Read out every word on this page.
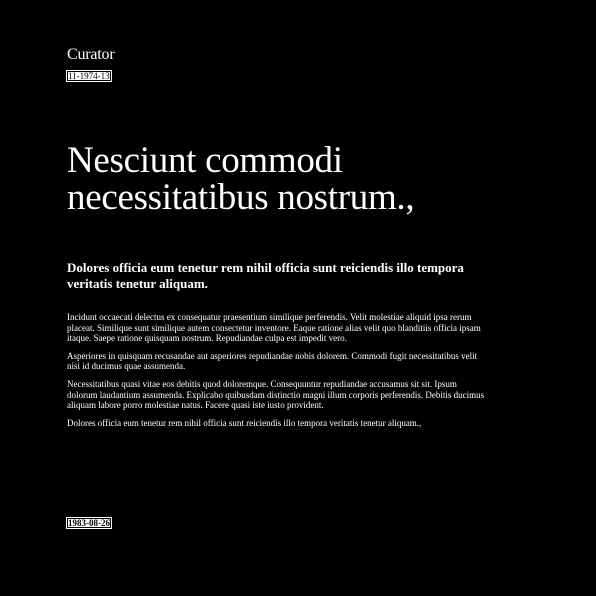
Curator
11-1974-13
Nesciunt commodi necessitatibus nostrum.,
Dolores officia eum tenetur rem nihil officia sunt reiciendis illo tempora veritatis tenetur aliquam.

Incidunt occaecati delectus ex consequatur praesentium similique perferendis. Velit molestiae aliquid ipsa rerum placeat. Similique sunt similique autem consectetur inventore. Eaque ratione alias velit quo blanditiis officia ipsam itaque. Saepe ratione quisquam nostrum. Repudiandae culpa est impedit vero.

Asperiores in quisquam recusandae aut asperiores repudiandae nobis dolorem. Commodi fugit necessitatibus velit nisi id ducimus quae assumenda.

Necessitatibus quasi vitae eos debitis quod doloremque. Consequuntur repudiandae accusamus sit sit. Ipsum dolorum laudantium assumenda. Explicabo quibusdam distinctio magni illum corporis perferendis. Debitis ducimus aliquam labore porro molestiae natus. Facere quasi iste iusto provident.

Dolores officia eum tenetur rem nihil officia sunt reiciendis illo tempora veritatis tenetur aliquam.,

1983-08-26
